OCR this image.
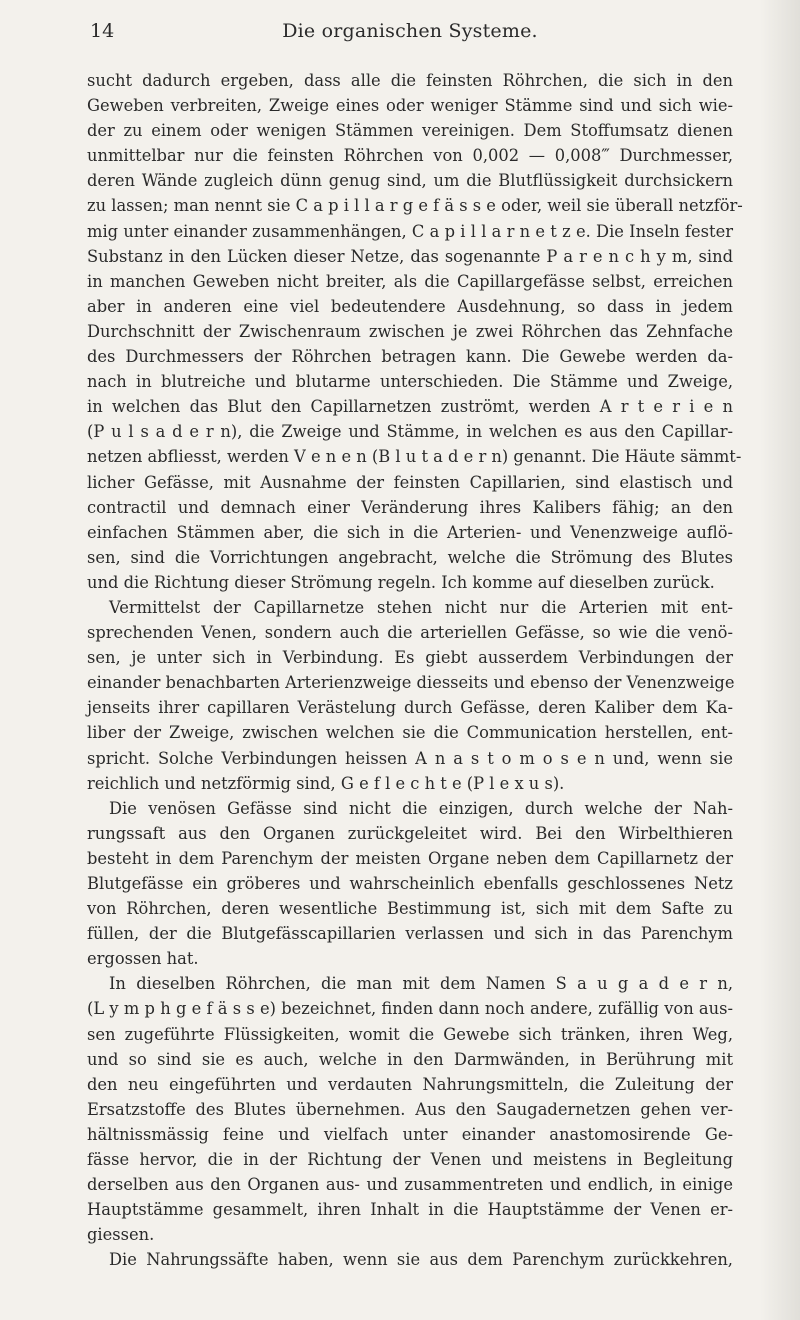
14	Die organischen Systeme.
sucht dadurch ergeben, dass alle die feinsten Röhrchen, die sich in den
Geweben verbreiten, Zweige eines oder weniger Stämme sind und sich wie-
der zu einem oder wenigen Stämmen vereinigen. Dem Stoffumsatz dienen
unmittelbar nur die feinsten Röhrchen von 0,002 — 0,008‴ Durchmesser,
deren Wände zugleich dünn genug sind, um die Blutflüssigkeit durchsickern
zu lassen; man nennt sie C a p i l l a r g e f ä s s e oder, weil sie überall netzför-
mig unter einander zusammenhängen, C a p i l l a r n e t z e. Die Inseln fester
Substanz in den Lücken dieser Netze, das sogenannte P a r e n c h y m, sind
in manchen Geweben nicht breiter, als die Capillargefässe selbst, erreichen
aber in anderen eine viel bedeutendere Ausdehnung, so dass in jedem
Durchschnitt der Zwischenraum zwischen je zwei Röhrchen das Zehnfache
des Durchmessers der Röhrchen betragen kann. Die Gewebe werden da-
nach in blutreiche und blutarme unterschieden. Die Stämme und Zweige,
in welchen das Blut den Capillarnetzen zuströmt, werden A r t e r i e n
(P u l s a d e r n), die Zweige und Stämme, in welchen es aus den Capillar-
netzen abfliesst, werden V e n e n (B l u t a d e r n) genannt. Die Häute sämmt-
licher Gefässe, mit Ausnahme der feinsten Capillarien, sind elastisch und
contractil und demnach einer Veränderung ihres Kalibers fähig; an den
einfachen Stämmen aber, die sich in die Arterien- und Venenzweige auflö-
sen, sind die Vorrichtungen angebracht, welche die Strömung des Blutes
und die Richtung dieser Strömung regeln. Ich komme auf dieselben zurück.
Vermittelst der Capillarnetze stehen nicht nur die Arterien mit ent-
sprechenden Venen, sondern auch die arteriellen Gefässe, so wie die venö-
sen, je unter sich in Verbindung. Es giebt ausserdem Verbindungen der
einander benachbarten Arterienzweige diesseits und ebenso der Venenzweige
jenseits ihrer capillaren Verästelung durch Gefässe, deren Kaliber dem Ka-
liber der Zweige, zwischen welchen sie die Communication herstellen, ent-
spricht. Solche Verbindungen heissen A n a s t o m o s e n und, wenn sie
reichlich und netzförmig sind, G e f l e c h t e (P l e x u s).
Die venösen Gefässe sind nicht die einzigen, durch welche der Nah-
rungssaft aus den Organen zurückgeleitet wird. Bei den Wirbelthieren
besteht in dem Parenchym der meisten Organe neben dem Capillarnetz der
Blutgefässe ein gröberes und wahrscheinlich ebenfalls geschlossenes Netz
von Röhrchen, deren wesentliche Bestimmung ist, sich mit dem Safte zu
füllen, der die Blutgefässcapillarien verlassen und sich in das Parenchym
ergossen hat.
In dieselben Röhrchen, die man mit dem Namen S a u g a d e r n,
(L y m p h g e f ä s s e) bezeichnet, finden dann noch andere, zufällig von aus-
sen zugeführte Flüssigkeiten, womit die Gewebe sich tränken, ihren Weg,
und so sind sie es auch, welche in den Darmwänden, in Berührung mit
den neu eingeführten und verdauten Nahrungsmitteln, die Zuleitung der
Ersatzstoffe des Blutes übernehmen. Aus den Saugadernetzen gehen ver-
hältnissmässig feine und vielfach unter einander anastomosirende Ge-
fässe hervor, die in der Richtung der Venen und meistens in Begleitung
derselben aus den Organen aus- und zusammentreten und endlich, in einige
Hauptstämme gesammelt, ihren Inhalt in die Hauptstämme der Venen er-
giessen.
Die Nahrungssäfte haben, wenn sie aus dem Parenchym zurückkehren,
